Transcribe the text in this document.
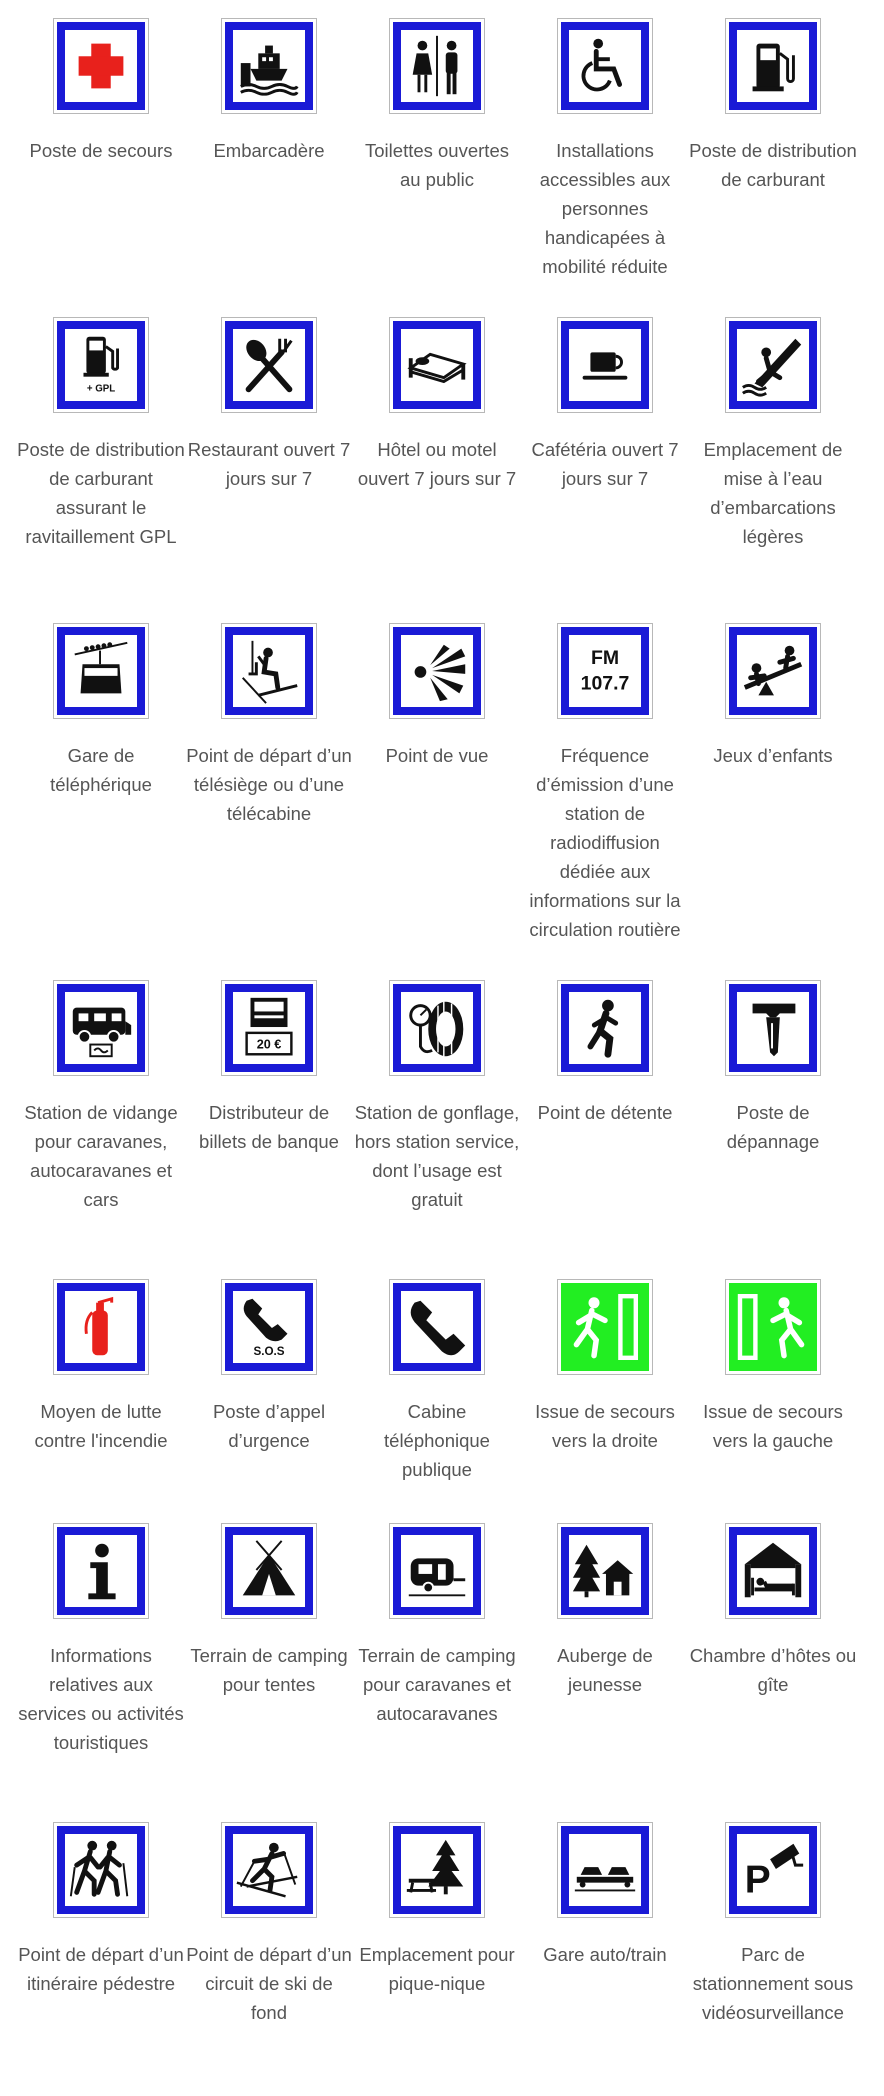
Poste de secours	Embarcadère	Toilettes ouvertes au public
Installations accessibles aux personnes handicapées à mobilité réduite
Poste de distribution de carburant
+ GPL
Poste de distribution de carburant assurant le ravitaillement GPL
Restaurant ouvert 7 jours sur 7
Hôtel ou motel ouvert 7 jours sur 7
Cafétéria ouvert 7 jours sur 7
Emplacement de mise à l’eau d’embarcations légères
Gare de téléphérique
Point de départ d’un télésiège ou d’une télécabine
Point de vue
FM
107.7
Fréquence d’émission d’une station de radiodiffusion dédiée aux informations sur la circulation routière
Jeux d’enfants
Station de vidange pour caravanes, autocaravanes et cars
20 €
Distributeur de billets de banque
Station de gonflage, hors station service, dont l’usage est gratuit
Point de détente	Poste de dépannage
Moyen de lutte contre l'incendie
S.O.S
Poste d’appel d’urgence
Cabine téléphonique publique
Issue de secours vers la droite
Issue de secours vers la gauche
Informations relatives aux services ou activités touristiques
Terrain de camping pour tentes
Terrain de camping pour caravanes et autocaravanes
Auberge de jeunesse
Chambre d’hôtes ou gîte
Point de départ d’un itinéraire pédestre
Point de départ d’un circuit de ski de fond
Emplacement pour pique-nique
Gare auto/train
P
Parc de stationnement sous vidéosurveillance
